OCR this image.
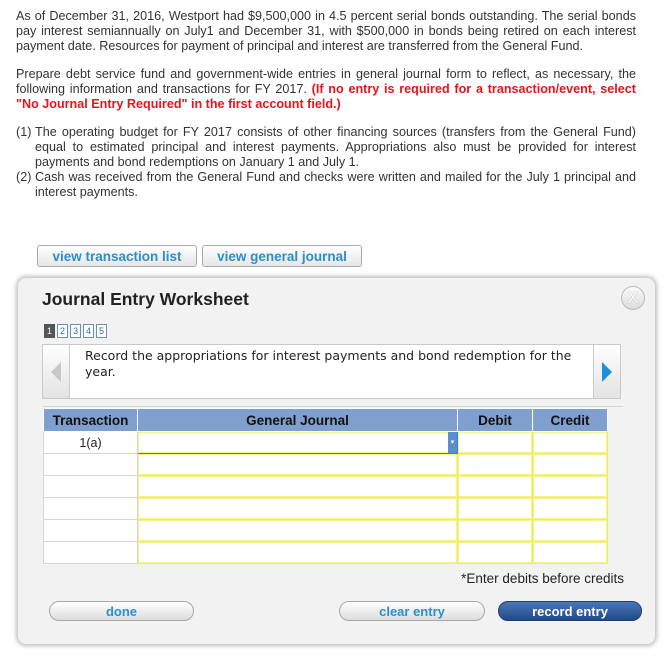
As of December 31, 2016, Westport had $9,500,000 in 4.5 percent serial bonds outstanding. The serial bonds pay interest semiannually on July1 and December 31, with $500,000 in bonds being retired on each interest payment date. Resources for payment of principal and interest are transferred from the General Fund.

Prepare debt service fund and government-wide entries in general journal form to reflect, as necessary, the following information and transactions for FY 2017. (If no entry is required for a transaction/event, select "No Journal Entry Required" in the first account field.)

(1) The operating budget for FY 2017 consists of other financing sources (transfers from the General Fund) equal to estimated principal and interest payments. Appropriations also must be provided for interest payments and bond redemptions on January 1 and July 1.
(2) Cash was received from the General Fund and checks were written and mailed for the July 1 principal and interest payments.
view transaction list	view general journal
Journal Entry Worksheet	X
1 2 3 4 5
Record the appropriations for interest payments and bond redemption for the year.
Transaction	General Journal	Debit	Credit
1(a)	▾		

*Enter debits before credits
done	clear entry	record entry
